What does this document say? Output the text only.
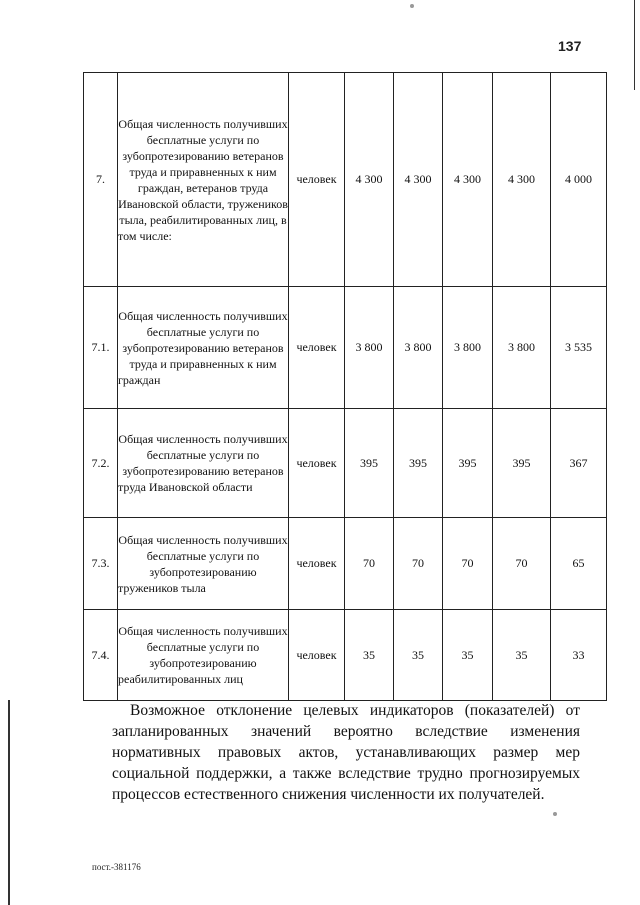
137
7.	Общая численность получивших бесплатные услуги по зубопротезированию ветеранов труда и приравненных к ним граждан, ветеранов труда Ивановской области, тружеников тыла, реабилитированных лиц, в том числе:	человек	4 300	4 300	4 300	4 300	4 000
7.1.	Общая численность получивших бесплатные услуги по зубопротезированию ветеранов труда и приравненных к ним граждан	человек	3 800	3 800	3 800	3 800	3 535
7.2.	Общая численность получивших бесплатные услуги по зубопротезированию ветеранов труда Ивановской области	человек	395	395	395	395	367
7.3.	Общая численность получивших бесплатные услуги по зубопротезированию тружеников тыла	человек	70	70	70	70	65
7.4.	Общая численность получивших бесплатные услуги по зубопротезированию реабилитированных лиц	человек	35	35	35	35	33
Возможное отклонение целевых индикаторов (показателей) от запланированных значений вероятно вследствие изменения нормативных правовых актов, устанавливающих размер мер социальной поддержки, а также вследствие трудно прогнозируемых процессов естественного снижения численности их получателей.
пост.-381176
